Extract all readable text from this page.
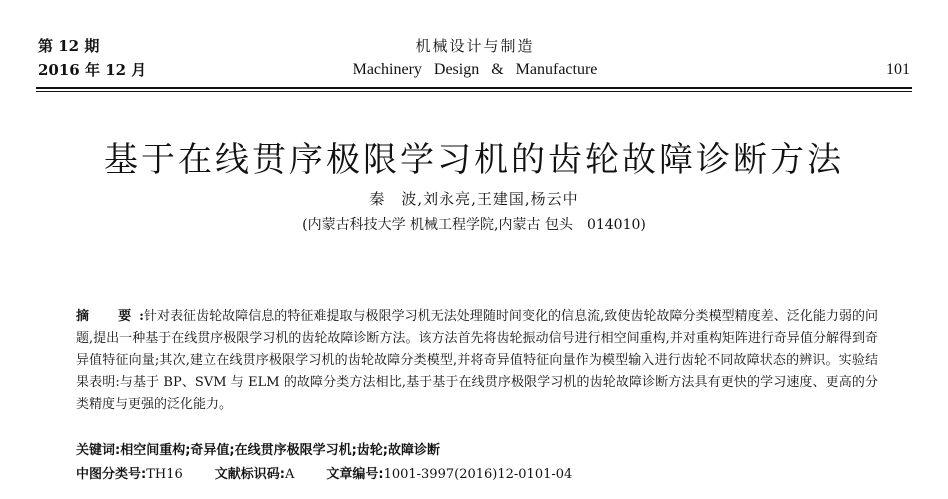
第 12 期
2016 年 12 月
机械设计与制造
Machinery Design & Manufacture	101
基于在线贯序极限学习机的齿轮故障诊断方法
秦　波,刘永亮,王建国,杨云中
(内蒙古科技大学 机械工程学院,内蒙古 包头　014010)
摘　要:针对表征齿轮故障信息的特征难提取与极限学习机无法处理随时间变化的信息流,致使齿轮故障分类模型精度差、泛化能力弱的问题,提出一种基于在线贯序极限学习机的齿轮故障诊断方法。该方法首先将齿轮振动信号进行相空间重构,并对重构矩阵进行奇异值分解得到奇异值特征向量;其次,建立在线贯序极限学习机的齿轮故障分类模型,并将奇异值特征向量作为模型输入进行齿轮不同故障状态的辨识。实验结果表明:与基于 BP、SVM 与 ELM 的故障分类方法相比,基于基于在线贯序极限学习机的齿轮故障诊断方法具有更快的学习速度、更高的分类精度与更强的泛化能力。
关键词:相空间重构;奇异值;在线贯序极限学习机;齿轮;故障诊断
中图分类号:TH16 文献标识码:A 文章编号:1001-3997(2016)12-0101-04
